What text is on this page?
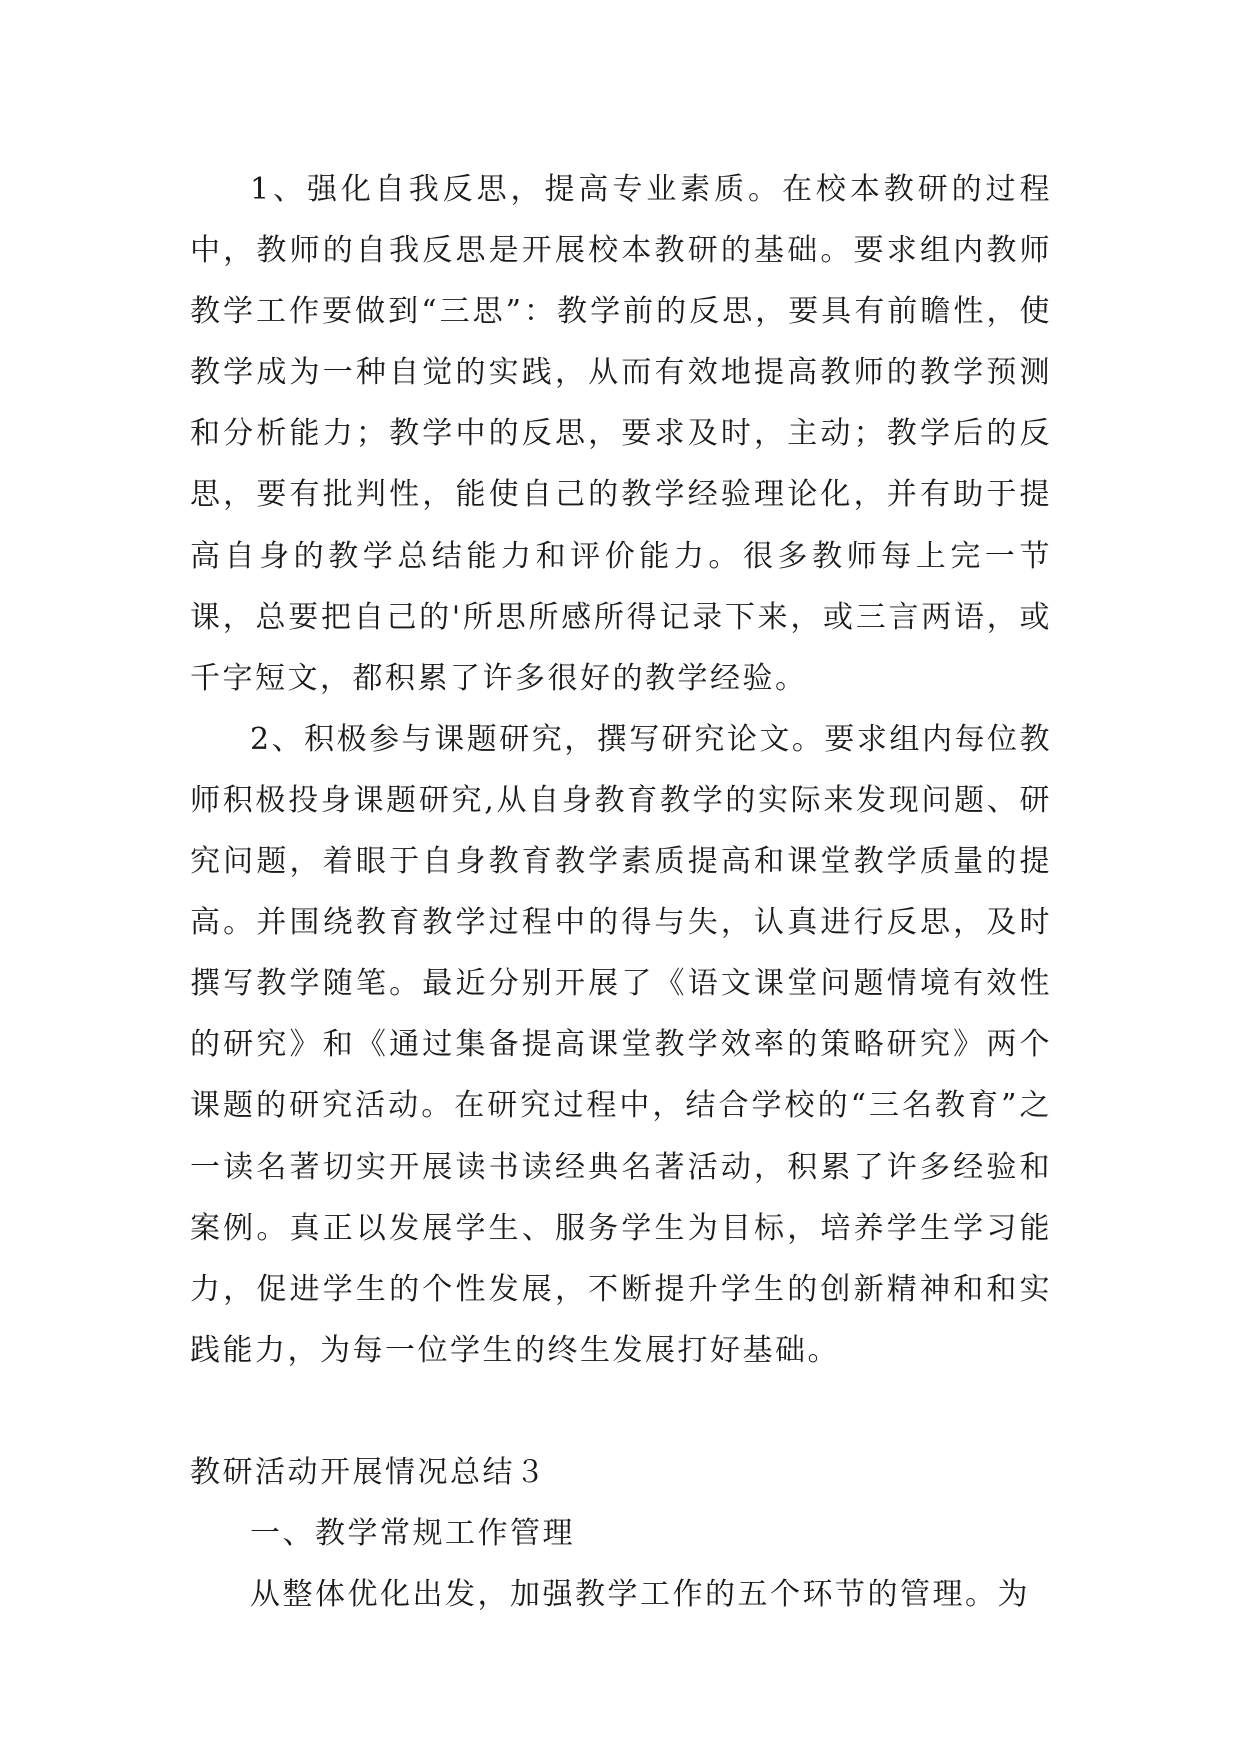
1、强化自我反思，提高专业素质。在校本教研的过程中，教师的自我反思是开展校本教研的基础。要求组内教师教学工作要做到“三思”：教学前的反思，要具有前瞻性，使教学成为一种自觉的实践，从而有效地提高教师的教学预测和分析能力；教学中的反思，要求及时，主动；教学后的反思，要有批判性，能使自己的教学经验理论化，并有助于提高自身的教学总结能力和评价能力。很多教师每上完一节课，总要把自己的'所思所感所得记录下来，或三言两语，或千字短文，都积累了许多很好的教学经验。

2、积极参与课题研究，撰写研究论文。要求组内每位教师积极投身课题研究,从自身教育教学的实际来发现问题、研究问题，着眼于自身教育教学素质提高和课堂教学质量的提高。并围绕教育教学过程中的得与失，认真进行反思，及时撰写教学随笔。最近分别开展了《语文课堂问题情境有效性的研究》和《通过集备提高课堂教学效率的策略研究》两个课题的研究活动。在研究过程中，结合学校的“三名教育”之一读名著切实开展读书读经典名著活动，积累了许多经验和案例。真正以发展学生、服务学生为目标，培养学生学习能力，促进学生的个性发展，不断提升学生的创新精神和和实践能力，为每一位学生的终生发展打好基础。

教研活动开展情况总结３

一、教学常规工作管理

从整体优化出发，加强教学工作的五个环节的管理。为
